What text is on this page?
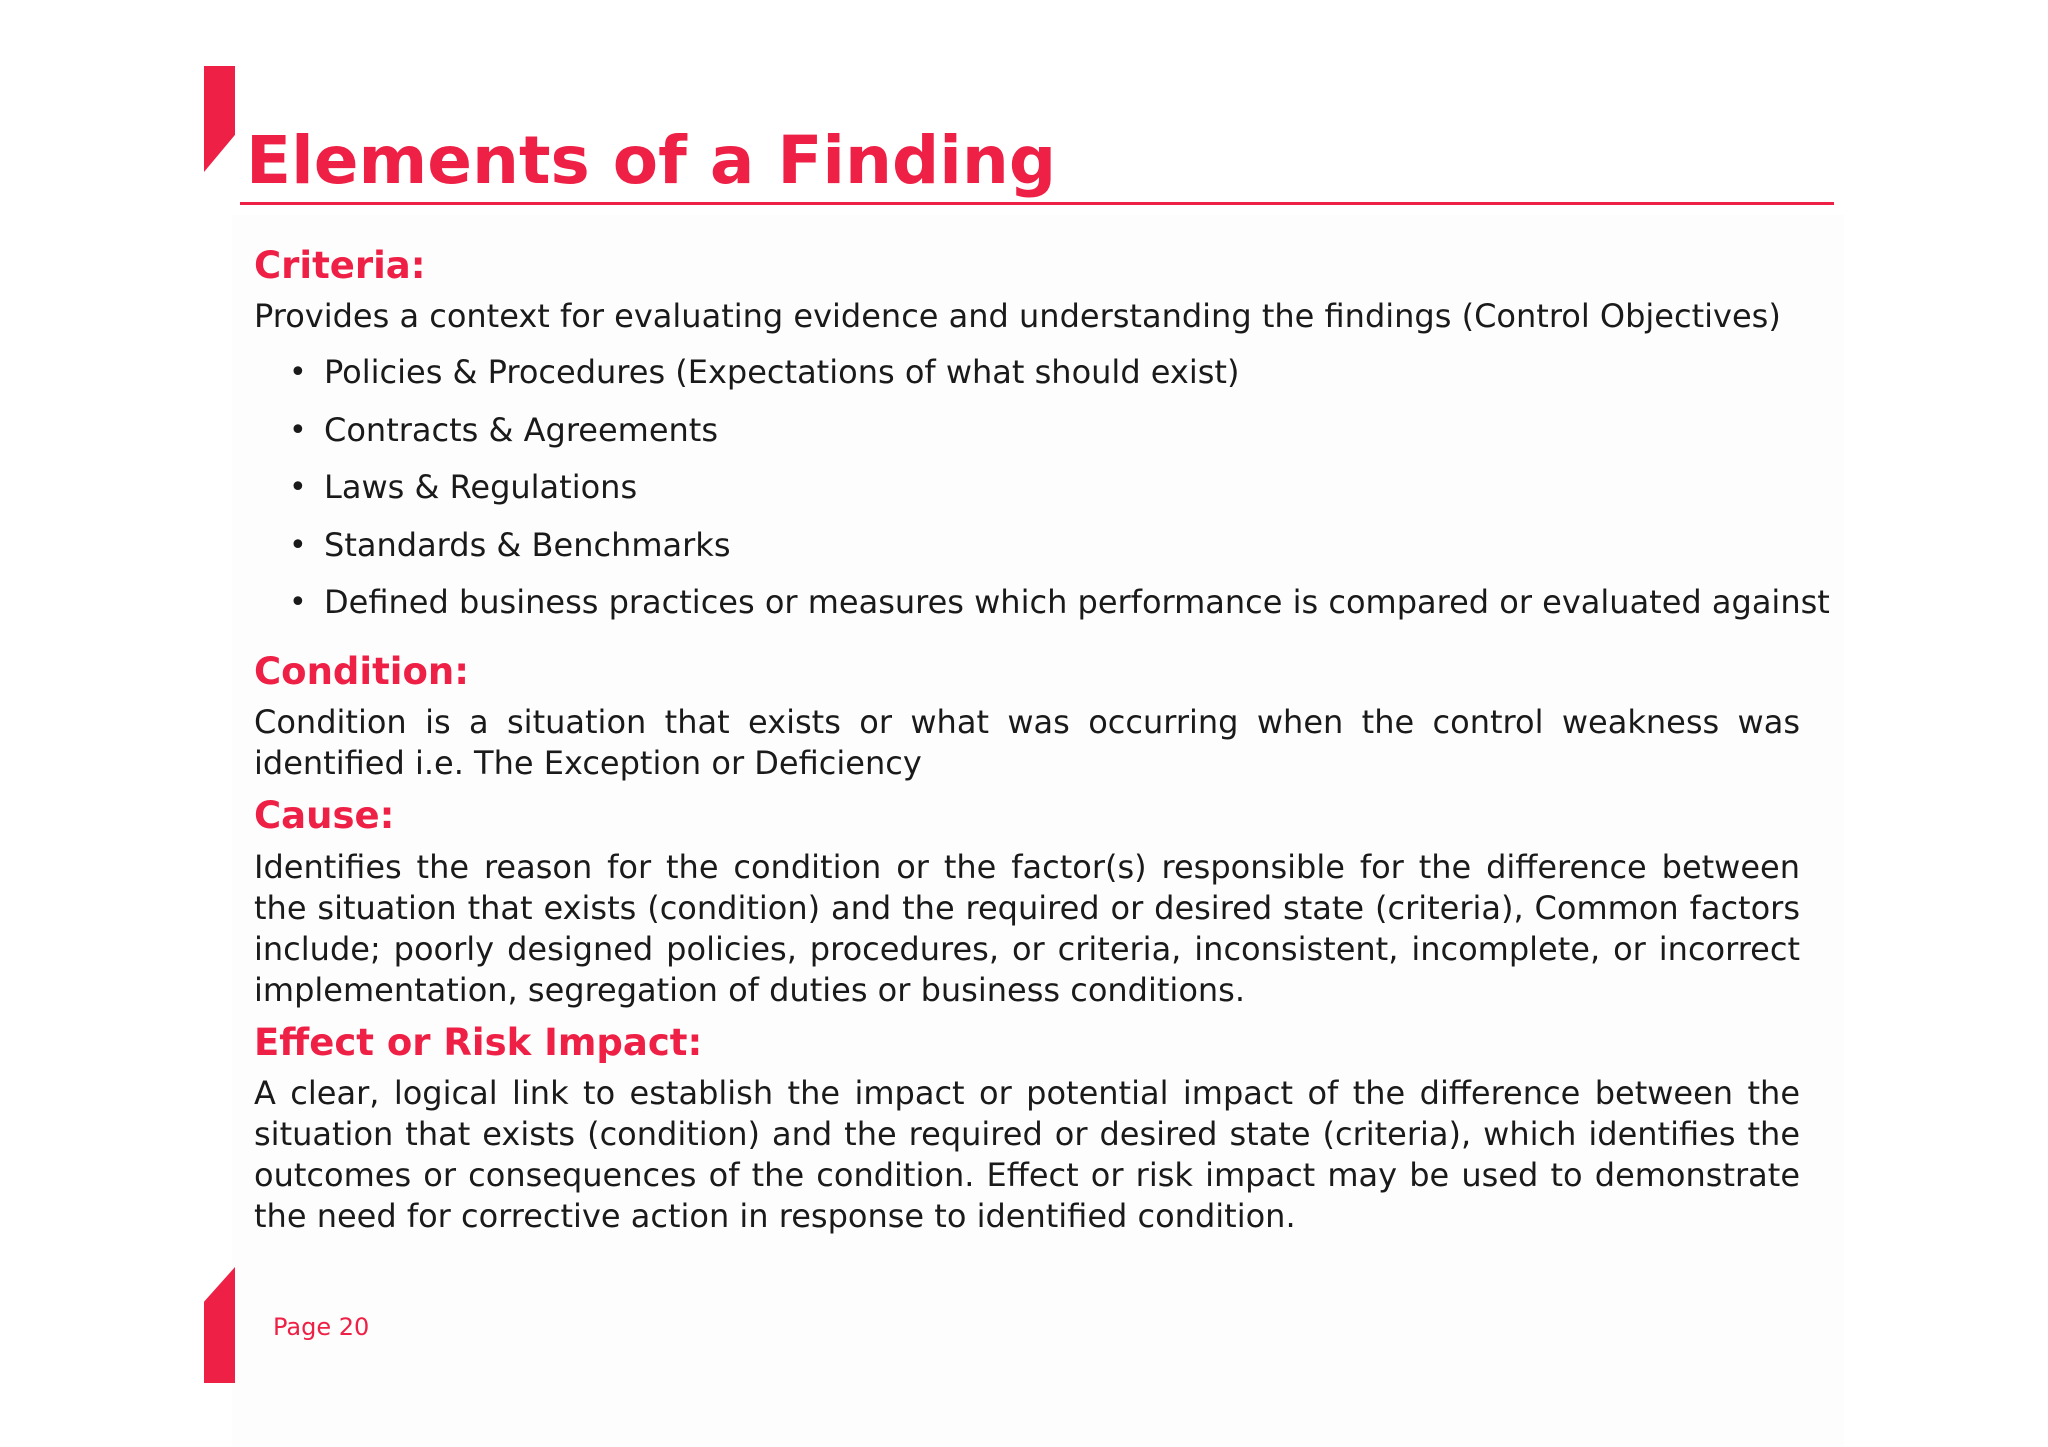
Elements of a Finding
Criteria:

Provides a context for evaluating evidence and understanding the findings (Control Objectives)

• Policies & Procedures (Expectations of what should exist)
• Contracts & Agreements
• Laws & Regulations
• Standards & Benchmarks
• Defined business practices or measures which performance is compared or evaluated against
Condition:

Condition is a situation that exists or what was occurring when the control weakness was identified i.e. The Exception or Deficiency

Cause:

Identifies the reason for the condition or the factor(s) responsible for the difference between the situation that exists (condition) and the required or desired state (criteria), Common factors include; poorly designed policies, procedures, or criteria, inconsistent, incomplete, or incorrect implementation, segregation of duties or business conditions.

Effect or Risk Impact:

A clear, logical link to establish the impact or potential impact of the difference between the situation that exists (condition) and the required or desired state (criteria), which identifies the outcomes or consequences of the condition. Effect or risk impact may be used to demonstrate the need for corrective action in response to identified condition.

Page 20
